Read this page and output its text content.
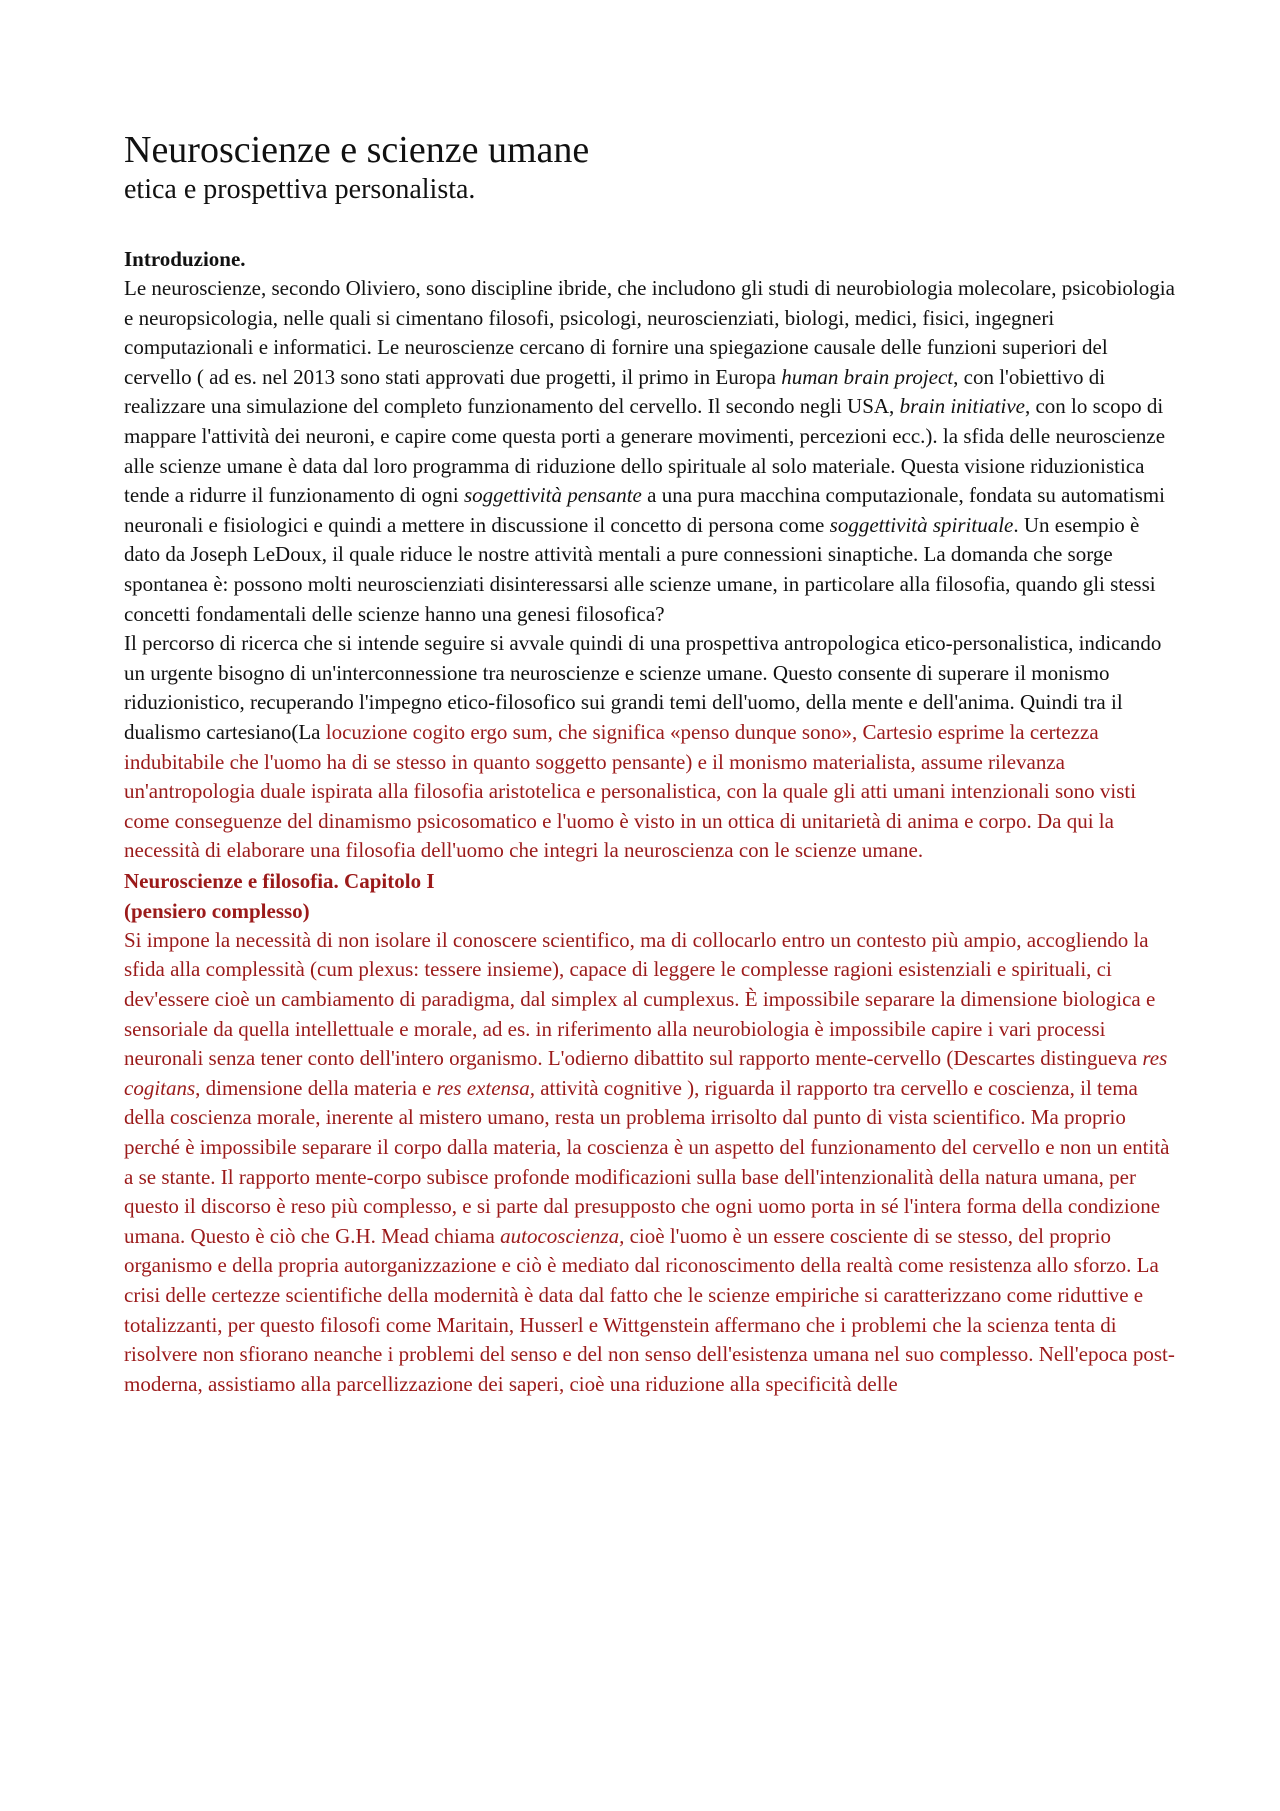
Neuroscienze e scienze umane
etica e prospettiva personalista.
Introduzione.

Le neuroscienze, secondo Oliviero, sono discipline ibride, che includono gli studi di neurobiologia molecolare, psicobiologia e neuropsicologia, nelle quali si cimentano filosofi, psicologi, neuroscienziati, biologi, medici, fisici, ingegneri computazionali e informatici. Le neuroscienze cercano di fornire una spiegazione causale delle funzioni superiori del cervello ( ad es. nel 2013 sono stati approvati due progetti, il primo in Europa human brain project, con l'obiettivo di realizzare una simulazione del completo funzionamento del cervello. Il secondo negli USA, brain initiative, con lo scopo di mappare l'attività dei neuroni, e capire come questa porti a generare movimenti, percezioni ecc.). la sfida delle neuroscienze alle scienze umane è data dal loro programma di riduzione dello spirituale al solo materiale. Questa visione riduzionistica tende a ridurre il funzionamento di ogni soggettività pensante a una pura macchina computazionale, fondata su automatismi neuronali e fisiologici e quindi a mettere in discussione il concetto di persona come soggettività spirituale. Un esempio è dato da Joseph LeDoux, il quale riduce le nostre attività mentali a pure connessioni sinaptiche. La domanda che sorge spontanea è: possono molti neuroscienziati disinteressarsi alle scienze umane, in particolare alla filosofia, quando gli stessi concetti fondamentali delle scienze hanno una genesi filosofica?

Il percorso di ricerca che si intende seguire si avvale quindi di una prospettiva antropologica etico-personalistica, indicando un urgente bisogno di un'interconnessione tra neuroscienze e scienze umane. Questo consente di superare il monismo riduzionistico, recuperando l'impegno etico-filosofico sui grandi temi dell'uomo, della mente e dell'anima. Quindi tra il dualismo cartesiano(La locuzione cogito ergo sum, che significa «penso dunque sono», Cartesio esprime la certezza indubitabile che l'uomo ha di se stesso in quanto soggetto pensante) e il monismo materialista, assume rilevanza un'antropologia duale ispirata alla filosofia aristotelica e personalistica, con la quale gli atti umani intenzionali sono visti come conseguenze del dinamismo psicosomatico e l'uomo è visto in un ottica di unitarietà di anima e corpo. Da qui la necessità di elaborare una filosofia dell'uomo che integri la neuroscienza con le scienze umane.

Neuroscienze e filosofia. Capitolo I
(pensiero complesso)

Si impone la necessità di non isolare il conoscere scientifico, ma di collocarlo entro un contesto più ampio, accogliendo la sfida alla complessità (cum plexus: tessere insieme), capace di leggere le complesse ragioni esistenziali e spirituali, ci dev'essere cioè un cambiamento di paradigma, dal simplex al cumplexus. È impossibile separare la dimensione biologica e sensoriale da quella intellettuale e morale, ad es. in riferimento alla neurobiologia è impossibile capire i vari processi neuronali senza tener conto dell'intero organismo. L'odierno dibattito sul rapporto mente-cervello (Descartes distingueva res cogitans, dimensione della materia e res extensa, attività cognitive ), riguarda il rapporto tra cervello e coscienza, il tema della coscienza morale, inerente al mistero umano, resta un problema irrisolto dal punto di vista scientifico. Ma proprio perché è impossibile separare il corpo dalla materia, la coscienza è un aspetto del funzionamento del cervello e non un entità a se stante. Il rapporto mente-corpo subisce profonde modificazioni sulla base dell'intenzionalità della natura umana, per questo il discorso è reso più complesso, e si parte dal presupposto che ogni uomo porta in sé l'intera forma della condizione umana. Questo è ciò che G.H. Mead chiama autocoscienza, cioè l'uomo è un essere cosciente di se stesso, del proprio organismo e della propria autorganizzazione e ciò è mediato dal riconoscimento della realtà come resistenza allo sforzo. La crisi delle certezze scientifiche della modernità è data dal fatto che le scienze empiriche si caratterizzano come riduttive e totalizzanti, per questo filosofi come Maritain, Husserl e Wittgenstein affermano che i problemi che la scienza tenta di risolvere non sfiorano neanche i problemi del senso e del non senso dell'esistenza umana nel suo complesso. Nell'epoca post-moderna, assistiamo alla parcellizzazione dei saperi, cioè una riduzione alla specificità delle
